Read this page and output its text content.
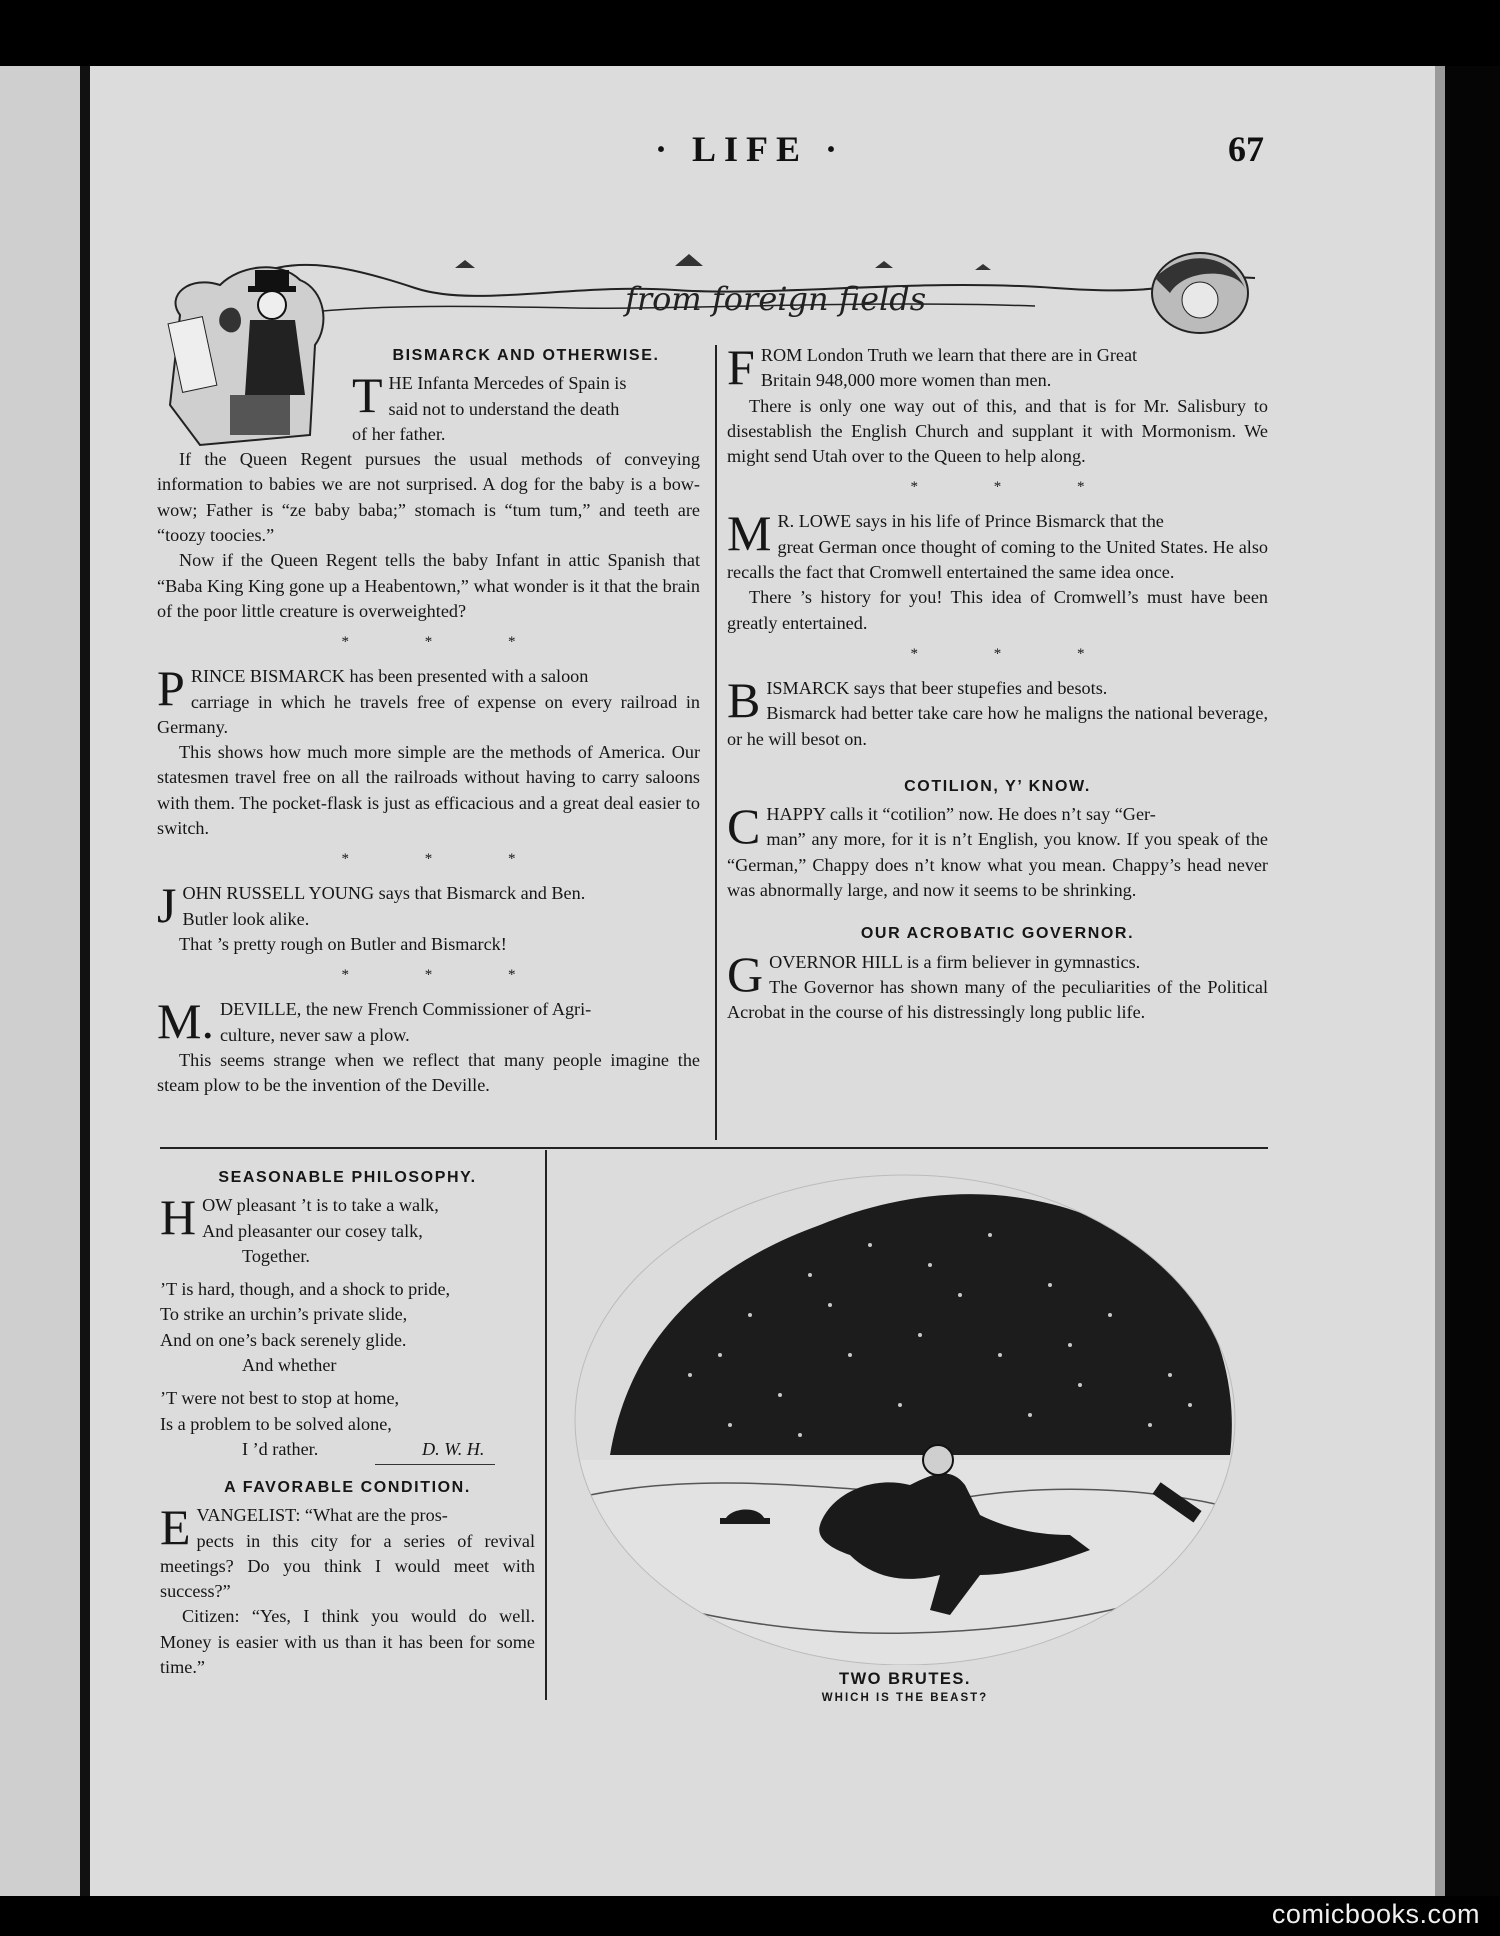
· LIFE ·	67
from foreign fields
BISMARCK AND OTHERWISE.
T HE Infanta Mercedes of Spain is
said not to understand the death
of her father.

If the Queen Regent pursues the usual methods of conveying information to babies we are not surprised. A dog for the baby is a bow-wow; Father is “ze baby baba;” stomach is “tum tum,” and teeth are “toozy toocies.”

Now if the Queen Regent tells the baby Infant in attic Spanish that “Baba King King gone up a Heabentown,” what wonder is it that the brain of the poor little creature is overweighted?

* * *
P RINCE BISMARCK has been presented with a saloon
carriage in which he travels free of expense on every railroad in Germany.

This shows how much more simple are the methods of America. Our statesmen travel free on all the railroads without having to carry saloons with them. The pocket-flask is just as efficacious and a great deal easier to switch.

* * *
J OHN RUSSELL YOUNG says that Bismarck and Ben.
Butler look alike.

That ’s pretty rough on Butler and Bismarck!

* * *
M. DEVILLE, the new French Commissioner of Agri-
culture, never saw a plow.

This seems strange when we reflect that many people imagine the steam plow to be the invention of the Deville.

F ROM London Truth we learn that there are in Great
Britain 948,000 more women than men.

There is only one way out of this, and that is for Mr. Salisbury to disestablish the English Church and supplant it with Mormonism. We might send Utah over to the Queen to help along.

* * *
M R. LOWE says in his life of Prince Bismarck that the
great German once thought of coming to the United States. He also recalls the fact that Cromwell entertained the same idea once.

There ’s history for you! This idea of Cromwell’s must have been greatly entertained.

* * *
B ISMARCK says that beer stupefies and besots.
Bismarck had better take care how he maligns the national beverage, or he will besot on.
COTILION, Y’ KNOW.
C HAPPY calls it “cotilion” now. He does n’t say “Ger-
man” any more, for it is n’t English, you know. If you speak of the “German,” Chappy does n’t know what you mean. Chappy’s head never was abnormally large, and now it seems to be shrinking.
OUR ACROBATIC GOVERNOR.
G OVERNOR HILL is a firm believer in gymnastics.
The Governor has shown many of the peculiarities of the Political Acrobat in the course of his distressingly long public life.
SEASONABLE PHILOSOPHY.
H OW pleasant ’t is to take a walk,
And pleasanter our cosey talk,
Together.
’T is hard, though, and a shock to pride,
To strike an urchin’s private slide,
And on one’s back serenely glide.
And whether
’T were not best to stop at home,
Is a problem to be solved alone,
I ’d rather.	D. W. H.
A FAVORABLE CONDITION.
E VANGELIST: “What are the pros-
pects in this city for a series of revival meetings? Do you think I would meet with success?”

Citizen: “Yes, I think you would do well. Money is easier with us than it has been for some time.”

TWO BRUTES.
WHICH IS THE BEAST?
comicbooks.com
